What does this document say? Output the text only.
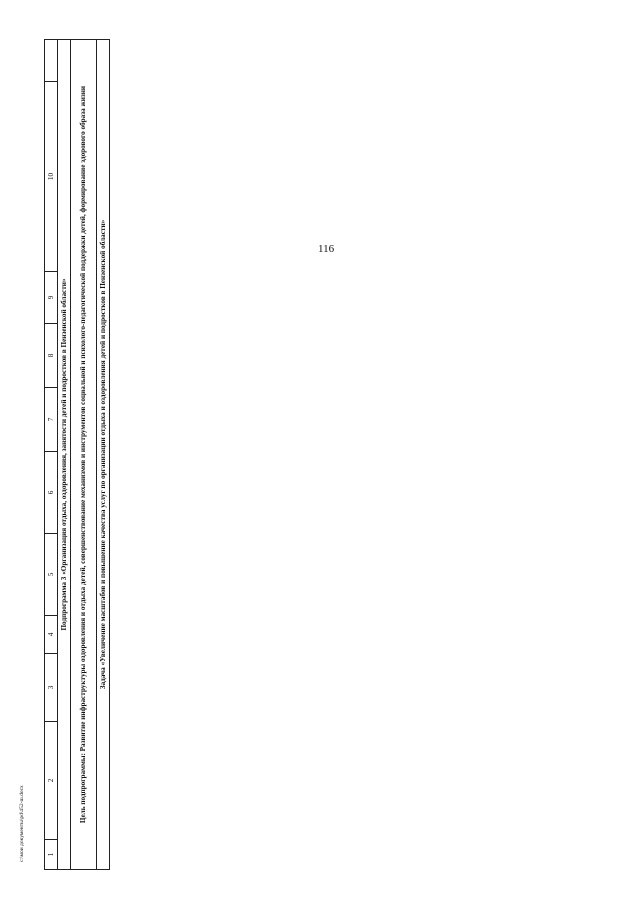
116
c:\мои документы\pd\452-ш.docx	1	2	3	4	5	6	7	8	9	10	
Подпрограмма 3 «Организация отдыха, оздоровления, занятости детей и подростков в Пензенской области»
Цель подпрограммы: Развитие инфраструктуры оздоровления и отдыха детей, совершенствование механизмов и инструментов социальной и психолого-педагогической поддержки детей, формирование здорового образа жизни
Задача «Увеличение масштабов и повышение качества услуг по организации отдыха и оздоровления детей и подростков в Пензенской области»
